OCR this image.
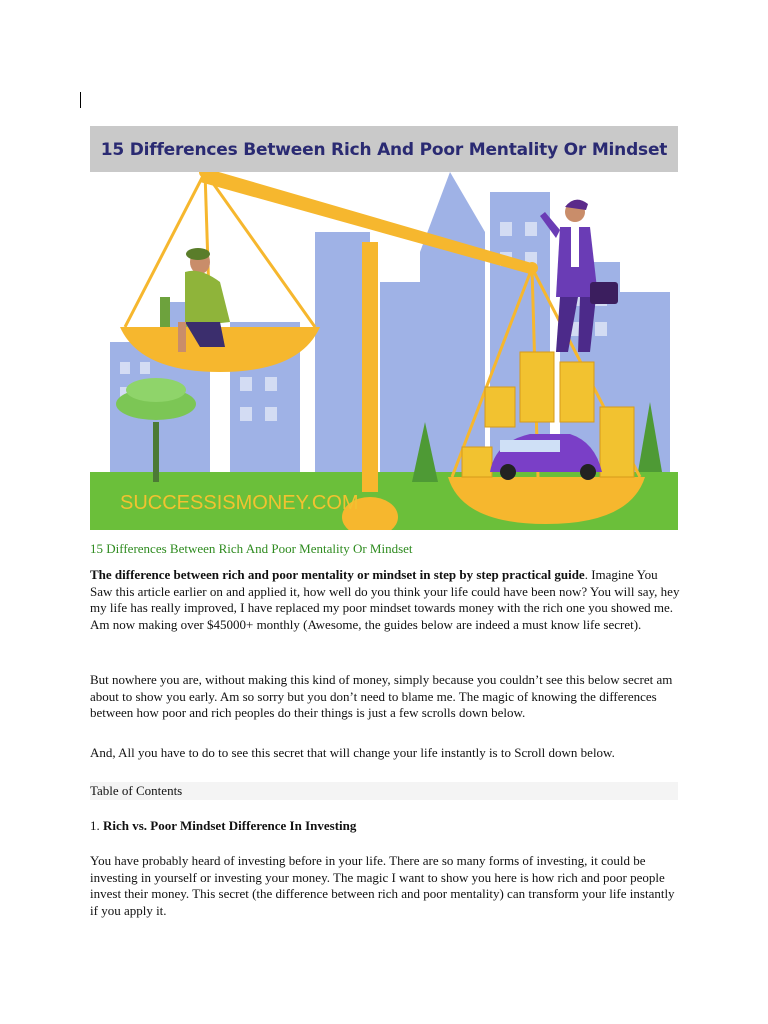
15 Differences Between Rich And Poor Mentality Or Mindset
SUCCESSISMONEY.COM
15 Differences Between Rich And Poor Mentality Or Mindset

The difference between rich and poor mentality or mindset in step by step practical guide. Imagine You Saw this article earlier on and applied it, how well do you think your life could have been now? You will say, hey my life has really improved, I have replaced my poor mindset towards money with the rich one you showed me. Am now making over $45000+ monthly (Awesome, the guides below are indeed a must know life secret).

But nowhere you are, without making this kind of money, simply because you couldn’t see this below secret am about to show you early. Am so sorry but you don’t need to blame me. The magic of knowing the differences between how poor and rich peoples do their things is just a few scrolls down below.

And, All you have to do to see this secret that will change your life instantly is to Scroll down below.

Table of Contents
1. Rich vs. Poor Mindset Difference In Investing

You have probably heard of investing before in your life. There are so many forms of investing, it could be investing in yourself or investing your money. The magic I want to show you here is how rich and poor people invest their money. This secret (the difference between rich and poor mentality) can transform your life instantly if you apply it.
